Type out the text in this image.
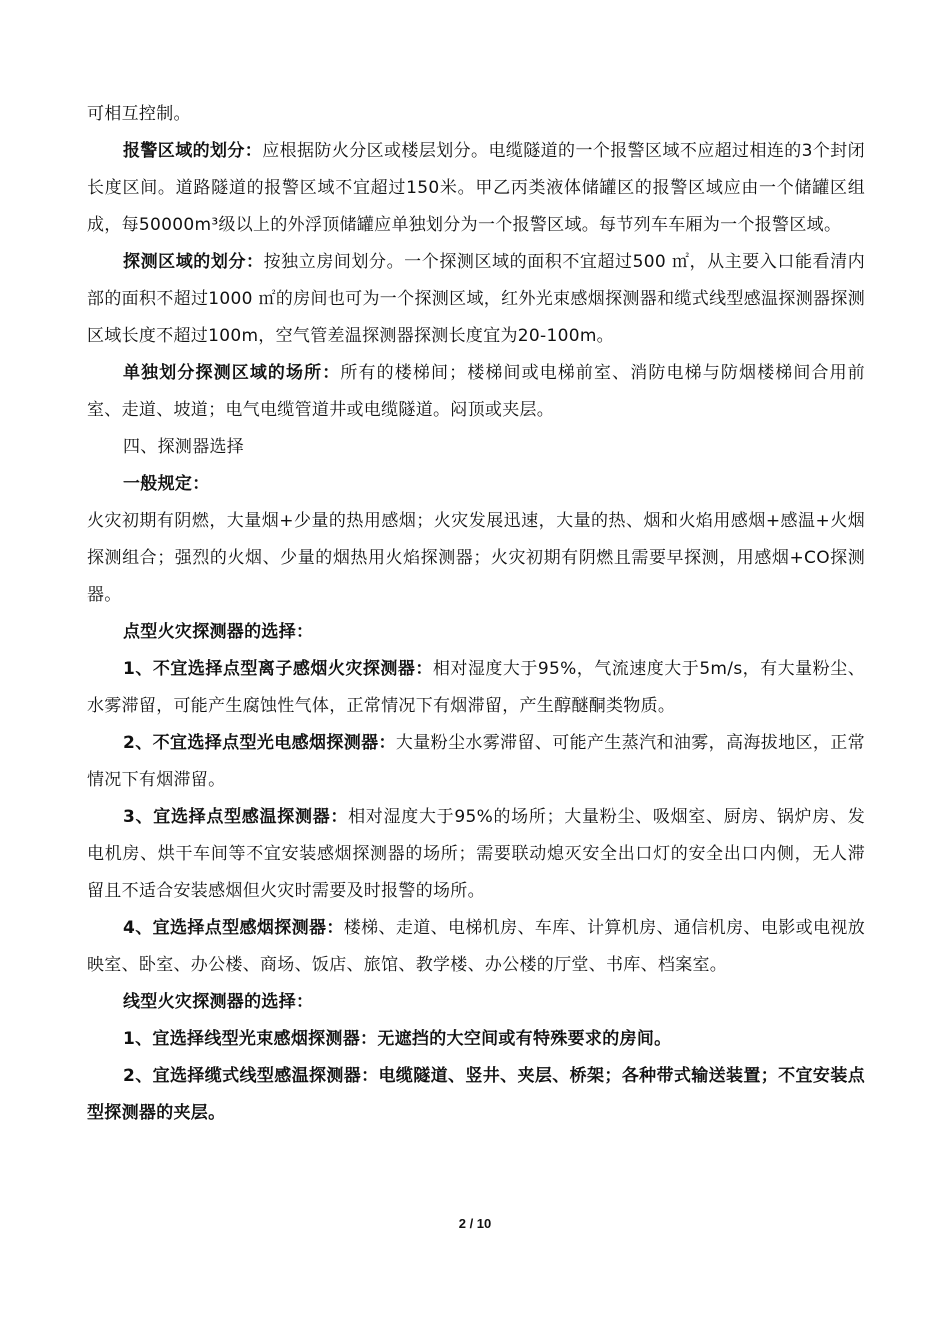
可相互控制。

报警区域的划分：应根据防火分区或楼层划分。电缆隧道的一个报警区域不应超过相连的3个封闭长度区间。道路隧道的报警区域不宜超过150米。甲乙丙类液体储罐区的报警区域应由一个储罐区组成，每50000m³级以上的外浮顶储罐应单独划分为一个报警区域。每节列车车厢为一个报警区域。

探测区域的划分：按独立房间划分。一个探测区域的面积不宜超过500 ㎡，从主要入口能看清内部的面积不超过1000 ㎡的房间也可为一个探测区域，红外光束感烟探测器和缆式线型感温探测器探测区域长度不超过100m，空气管差温探测器探测长度宜为20-100m。

单独划分探测区域的场所：所有的楼梯间；楼梯间或电梯前室、消防电梯与防烟楼梯间合用前室、走道、坡道；电气电缆管道井或电缆隧道。闷顶或夹层。

四、探测器选择

一般规定：

火灾初期有阴燃，大量烟+少量的热用感烟；火灾发展迅速，大量的热、烟和火焰用感烟+感温+火烟探测组合；强烈的火烟、少量的烟热用火焰探测器；火灾初期有阴燃且需要早探测，用感烟+CO探测器。

点型火灾探测器的选择：

1、不宜选择点型离子感烟火灾探测器：相对湿度大于95%，气流速度大于5m/s，有大量粉尘、水雾滞留，可能产生腐蚀性气体，正常情况下有烟滞留，产生醇醚酮类物质。

2、不宜选择点型光电感烟探测器：大量粉尘水雾滞留、可能产生蒸汽和油雾，高海拔地区，正常情况下有烟滞留。

3、宜选择点型感温探测器：相对湿度大于95%的场所；大量粉尘、吸烟室、厨房、锅炉房、发电机房、烘干车间等不宜安装感烟探测器的场所；需要联动熄灭安全出口灯的安全出口内侧，无人滞留且不适合安装感烟但火灾时需要及时报警的场所。

4、宜选择点型感烟探测器：楼梯、走道、电梯机房、车库、计算机房、通信机房、电影或电视放映室、卧室、办公楼、商场、饭店、旅馆、教学楼、办公楼的厅堂、书库、档案室。

线型火灾探测器的选择：

1、宜选择线型光束感烟探测器：无遮挡的大空间或有特殊要求的房间。

2、宜选择缆式线型感温探测器：电缆隧道、竖井、夹层、桥架；各种带式输送装置；不宜安装点型探测器的夹层。

2 / 10
